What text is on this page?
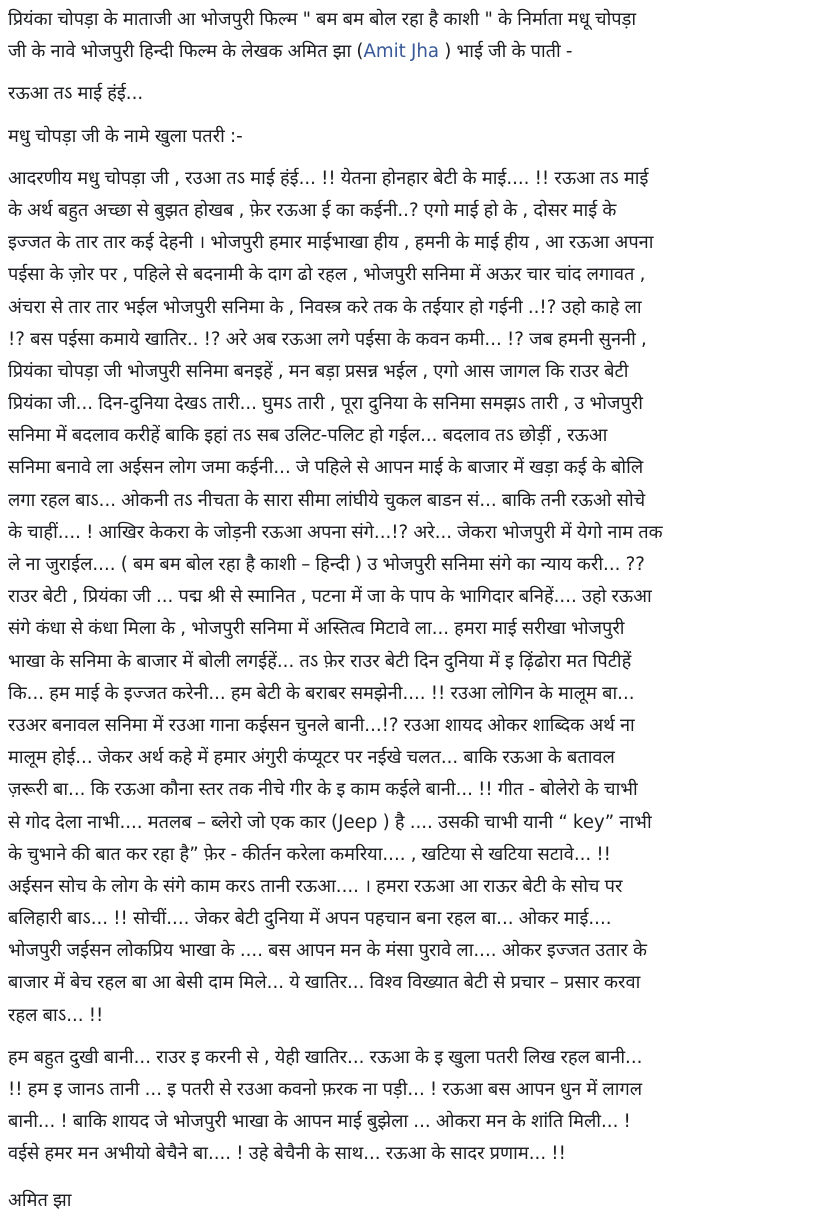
प्रियंका चोपड़ा के माताजी आ भोजपुरी फिल्म " बम बम बोल रहा है काशी " के निर्माता मधू चोपड़ा
जी के नावे भोजपुरी हिन्दी फिल्म के लेखक अमित झा (Amit Jha ) भाई जी के पाती -
रऊआ तऽ माई हंई...
मधु चोपड़ा जी के नामे खुला पतरी :-
आदरणीय मधु चोपड़ा जी , रउआ तऽ माई हंई... !! येतना होनहार बेटी के माई.... !! रऊआ तऽ माई
के अर्थ बहुत अच्छा से बुझत होखब , फ़ेर रऊआ ई का कईनी..? एगो माई हो के , दोसर माई के
इज्जत के तार तार कई देहनी । भोजपुरी हमार माईभाखा हीय , हमनी के माई हीय , आ रऊआ अपना
पईसा के ज़ोर पर , पहिले से बदनामी के दाग ढो रहल , भोजपुरी सनिमा में अऊर चार चांद लगावत ,
अंचरा से तार तार भईल भोजपुरी सनिमा के , निवस्त्र करे तक के तईयार हो गईनी ..!? उहो काहे ला
!? बस पईसा कमाये खातिर.. !? अरे अब रऊआ लगे पईसा के कवन कमी... !? जब हमनी सुननी ,
प्रियंका चोपड़ा जी भोजपुरी सनिमा बनइहें , मन बड़ा प्रसन्न भईल , एगो आस जागल कि राउर बेटी
प्रियंका जी... दिन-दुनिया देखऽ तारी... घुमऽ तारी , पूरा दुनिया के सनिमा समझऽ तारी , उ भोजपुरी
सनिमा में बदलाव करीहें बाकि इहां तऽ सब उलिट-पलिट हो गईल... बदलाव तऽ छोड़ीं , रऊआ
सनिमा बनावे ला अईसन लोग जमा कईनी... जे पहिले से आपन माई के बाजार में खड़ा कई के बोलि
लगा रहल बाऽ... ओकनी तऽ नीचता के सारा सीमा लांघीये चुकल बाडन सं... बाकि तनी रऊओ सोचे
के चाहीं.... ! आखिर केकरा के जोड़नी रऊआ अपना संगे...!? अरे... जेकरा भोजपुरी में येगो नाम तक
ले ना जुराईल.... ( बम बम बोल रहा है काशी – हिन्दी ) उ भोजपुरी सनिमा संगे का न्याय करी... ??
राउर बेटी , प्रियंका जी ... पद्म श्री से स्मानित , पटना में जा के पाप के भागिदार बनिहें.... उहो रऊआ
संगे कंधा से कंधा मिला के , भोजपुरी सनिमा में अस्तित्व मिटावे ला... हमरा माई सरीखा भोजपुरी
भाखा के सनिमा के बाजार में बोली लगईहें... तऽ फ़ेर राउर बेटी दिन दुनिया में इ ढ़िंढोरा मत पिटीहें
कि... हम माई के इज्जत करेनी... हम बेटी के बराबर समझेनी.... !! रउआ लोगिन के मालूम बा...
रउअर बनावल सनिमा में रउआ गाना कईसन चुनले बानी...!? रउआ शायद ओकर शाब्दिक अर्थ ना
मालूम होई... जेकर अर्थ कहे में हमार अंगुरी कंप्यूटर पर नईखे चलत... बाकि रऊआ के बतावल
ज़रूरी बा... कि रऊआ कौना स्तर तक नीचे गीर के इ काम कईले बानी... !! गीत - बोलेरो के चाभी
से गोद देला नाभी.... मतलब – ब्लेरो जो एक कार (Jeep ) है .... उसकी चाभी यानी “ key” नाभी
के चुभाने की बात कर रहा है” फ़ेर - कीर्तन करेला कमरिया.... , खटिया से खटिया सटावे... !!
अईसन सोच के लोग के संगे काम करऽ तानी रऊआ.... । हमरा रऊआ आ राऊर बेटी के सोच पर
बलिहारी बाऽ... !! सोचीं.... जेकर बेटी दुनिया में अपन पहचान बना रहल बा... ओकर माई....
भोजपुरी जईसन लोकप्रिय भाखा के .... बस आपन मन के मंसा पुरावे ला.... ओकर इज्जत उतार के
बाजार में बेच रहल बा आ बेसी दाम मिले... ये खातिर... विश्व विख्यात बेटी से प्रचार – प्रसार करवा
रहल बाऽ... !!
हम बहुत दुखी बानी... राउर इ करनी से , येही खातिर... रऊआ के इ खुला पतरी लिख रहल बानी...
!! हम इ जानऽ तानी ... इ पतरी से रउआ कवनो फ़रक ना पड़ी... ! रऊआ बस आपन धुन में लागल
बानी... ! बाकि शायद जे भोजपुरी भाखा के आपन माई बुझेला ... ओकरा मन के शांति मिली... !
वईसे हमर मन अभीयो बेचैने बा.... ! उहे बेचैनी के साथ... रऊआ के सादर प्रणाम... !!
अमित झा
